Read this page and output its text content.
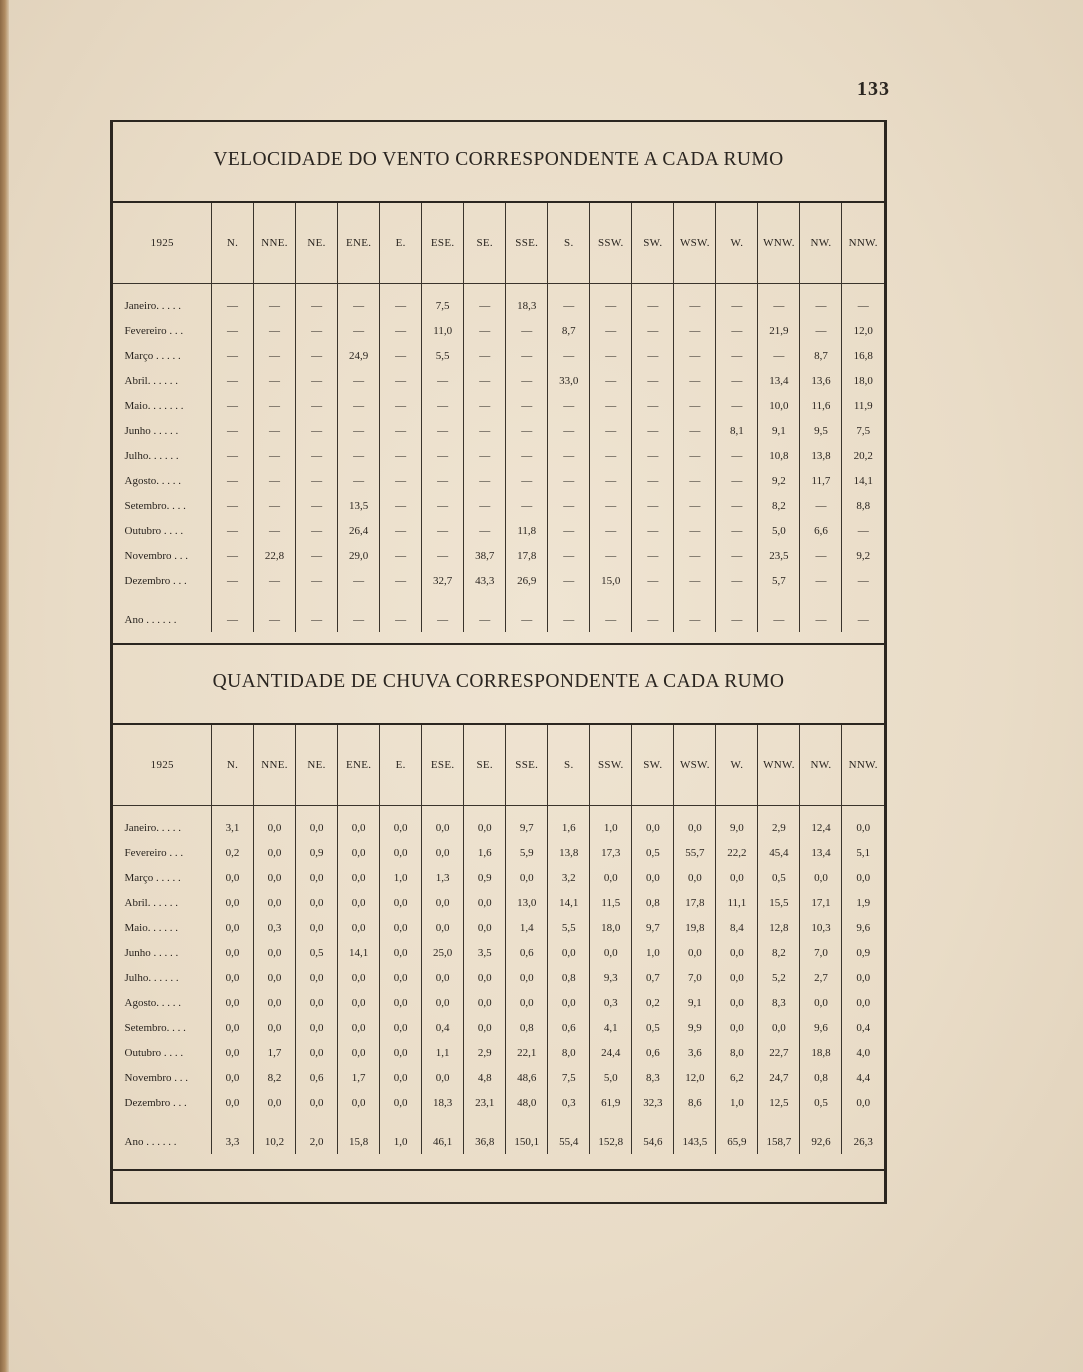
133
VELOCIDADE DO VENTO CORRESPONDENTE A CADA RUMO
1925	N.	NNE.	NE.	ENE.	E.	ESE.	SE.	SSE.	S.	SSW.	SW.	WSW.	W.	WNW.	NW.	NNW.

Janeiro. . . . .	—	—	—	—	—	7,5	—	18,3	—	—	—	—	—	—	—	—
Fevereiro . . .	—	—	—	—	—	11,0	—	—	8,7	—	—	—	—	21,9	—	12,0
Março . . . . .	—	—	—	24,9	—	5,5	—	—	—	—	—	—	—	—	8,7	16,8
Abril. . . . . .	—	—	—	—	—	—	—	—	33,0	—	—	—	—	13,4	13,6	18,0
Maio. . . . . . .	—	—	—	—	—	—	—	—	—	—	—	—	—	10,0	11,6	11,9
Junho . . . . .	—	—	—	—	—	—	—	—	—	—	—	—	8,1	9,1	9,5	7,5
Julho. . . . . .	—	—	—	—	—	—	—	—	—	—	—	—	—	10,8	13,8	20,2
Agosto. . . . .	—	—	—	—	—	—	—	—	—	—	—	—	—	9,2	11,7	14,1
Setembro. . . .	—	—	—	13,5	—	—	—	—	—	—	—	—	—	8,2	—	8,8
Outubro . . . .	—	—	—	26,4	—	—	—	11,8	—	—	—	—	—	5,0	6,6	—
Novembro . . .	—	22,8	—	29,0	—	—	38,7	17,8	—	—	—	—	—	23,5	—	9,2
Dezembro . . .	—	—	—	—	—	32,7	43,3	26,9	—	15,0	—	—	—	5,7	—	—

Ano . . . . . .	—	—	—	—	—	—	—	—	—	—	—	—	—	—	—	—
QUANTIDADE DE CHUVA CORRESPONDENTE A CADA RUMO
1925	N.	NNE.	NE.	ENE.	E.	ESE.	SE.	SSE.	S.	SSW.	SW.	WSW.	W.	WNW.	NW.	NNW.

Janeiro. . . . .	3,1	0,0	0,0	0,0	0,0	0,0	0,0	9,7	1,6	1,0	0,0	0,0	9,0	2,9	12,4	0,0
Fevereiro . . .	0,2	0,0	0,9	0,0	0,0	0,0	1,6	5,9	13,8	17,3	0,5	55,7	22,2	45,4	13,4	5,1
Março . . . . .	0,0	0,0	0,0	0,0	1,0	1,3	0,9	0,0	3,2	0,0	0,0	0,0	0,0	0,5	0,0	0,0
Abril. . . . . .	0,0	0,0	0,0	0,0	0,0	0,0	0,0	13,0	14,1	11,5	0,8	17,8	11,1	15,5	17,1	1,9
Maio. . . . . .	0,0	0,3	0,0	0,0	0,0	0,0	0,0	1,4	5,5	18,0	9,7	19,8	8,4	12,8	10,3	9,6
Junho . . . . .	0,0	0,0	0,5	14,1	0,0	25,0	3,5	0,6	0,0	0,0	1,0	0,0	0,0	8,2	7,0	0,9
Julho. . . . . .	0,0	0,0	0,0	0,0	0,0	0,0	0,0	0,0	0,8	9,3	0,7	7,0	0,0	5,2	2,7	0,0
Agosto. . . . .	0,0	0,0	0,0	0,0	0,0	0,0	0,0	0,0	0,0	0,3	0,2	9,1	0,0	8,3	0,0	0,0
Setembro. . . .	0,0	0,0	0,0	0,0	0,0	0,4	0,0	0,8	0,6	4,1	0,5	9,9	0,0	0,0	9,6	0,4
Outubro . . . .	0,0	1,7	0,0	0,0	0,0	1,1	2,9	22,1	8,0	24,4	0,6	3,6	8,0	22,7	18,8	4,0
Novembro . . .	0,0	8,2	0,6	1,7	0,0	0,0	4,8	48,6	7,5	5,0	8,3	12,0	6,2	24,7	0,8	4,4
Dezembro . . .	0,0	0,0	0,0	0,0	0,0	18,3	23,1	48,0	0,3	61,9	32,3	8,6	1,0	12,5	0,5	0,0

Ano . . . . . .	3,3	10,2	2,0	15,8	1,0	46,1	36,8	150,1	55,4	152,8	54,6	143,5	65,9	158,7	92,6	26,3
